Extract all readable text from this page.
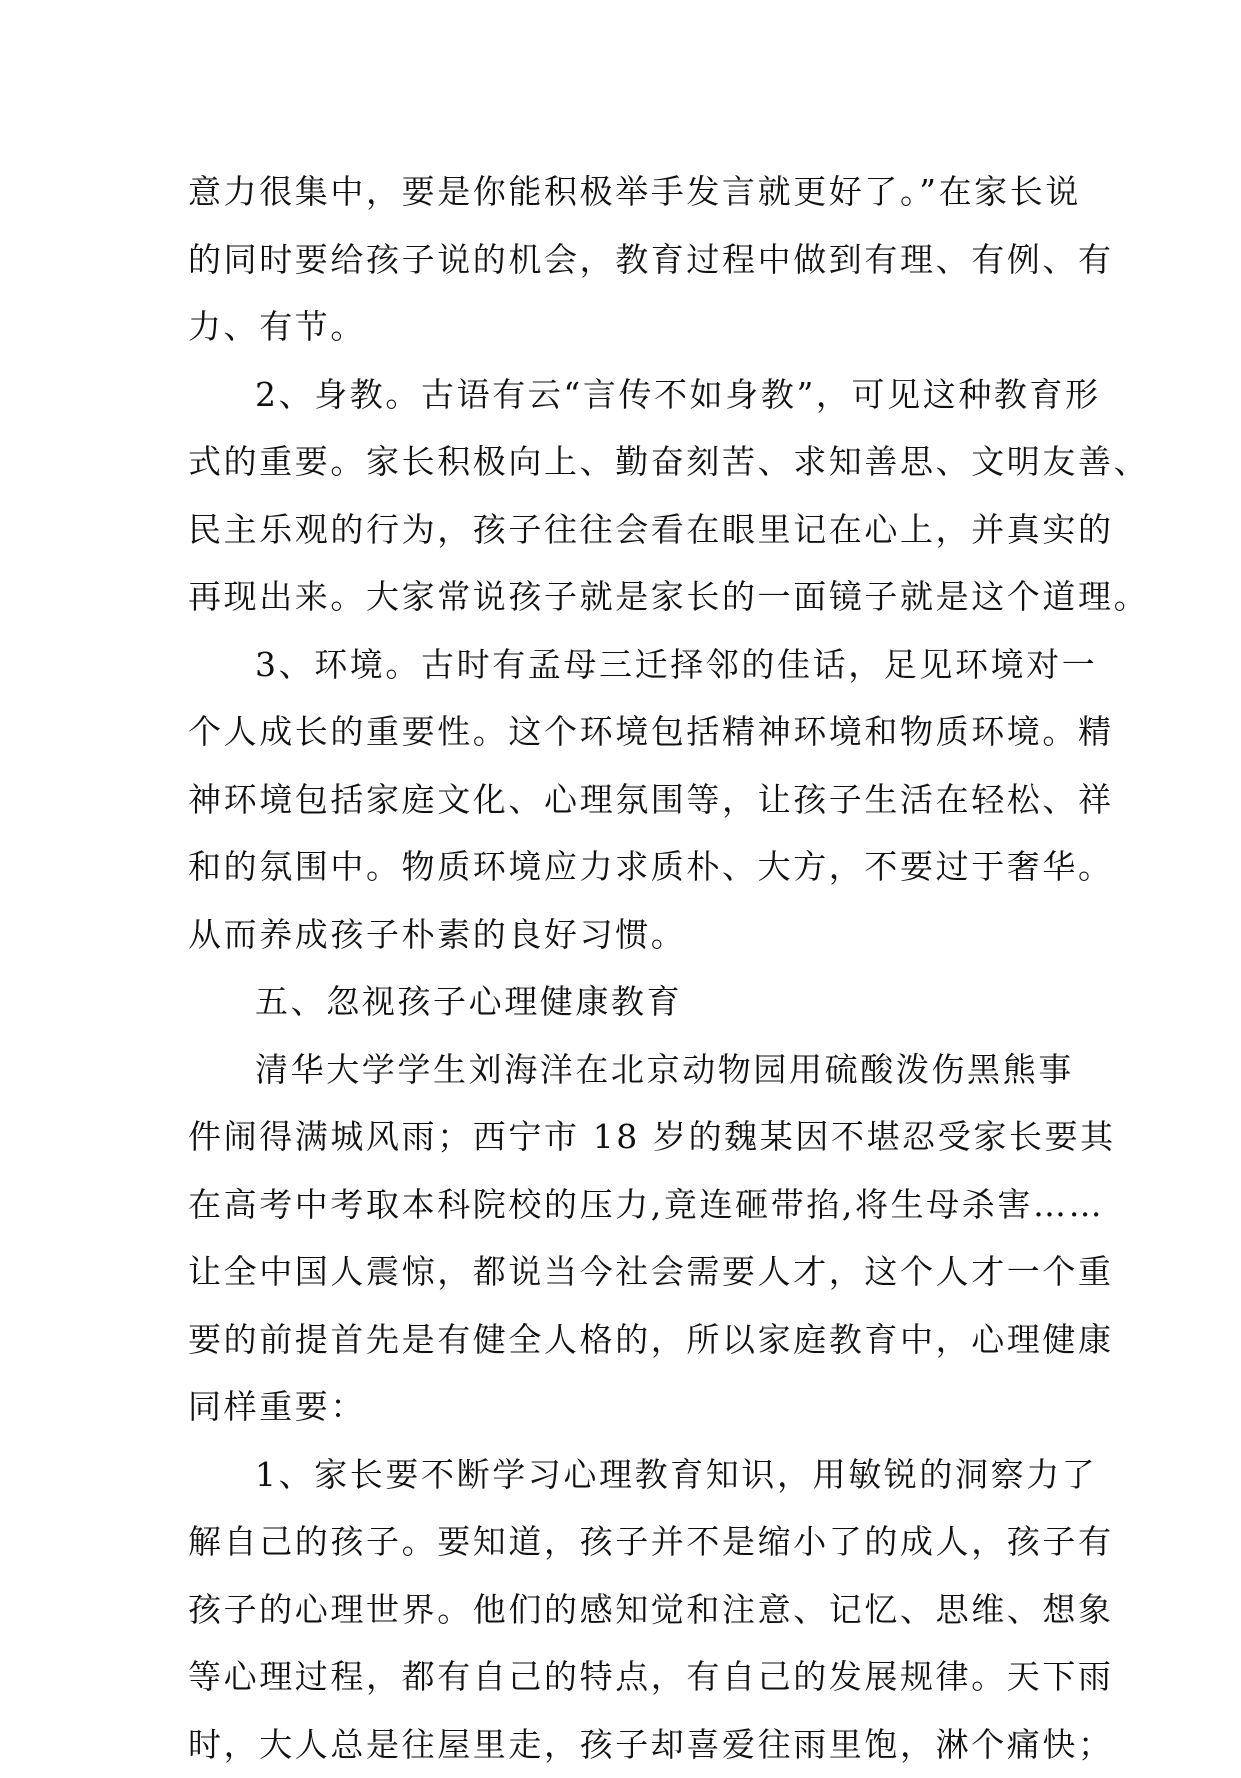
意力很集中，要是你能积极举手发言就更好了。”在家长说
的同时要给孩子说的机会，教育过程中做到有理、有例、有
力、有节。
2、身教。古语有云“言传不如身教”，可见这种教育形
式的重要。家长积极向上、勤奋刻苦、求知善思、文明友善、
民主乐观的行为，孩子往往会看在眼里记在心上，并真实的
再现出来。大家常说孩子就是家长的一面镜子就是这个道理。
3、环境。古时有孟母三迁择邻的佳话，足见环境对一
个人成长的重要性。这个环境包括精神环境和物质环境。精
神环境包括家庭文化、心理氛围等，让孩子生活在轻松、祥
和的氛围中。物质环境应力求质朴、大方，不要过于奢华。
从而养成孩子朴素的良好习惯。
五、忽视孩子心理健康教育
清华大学学生刘海洋在北京动物园用硫酸泼伤黑熊事
件闹得满城风雨；西宁市 18 岁的魏某因不堪忍受家长要其
在高考中考取本科院校的压力,竟连砸带掐,将生母杀害……
让全中国人震惊，都说当今社会需要人才，这个人才一个重
要的前提首先是有健全人格的，所以家庭教育中，心理健康
同样重要：
1、家长要不断学习心理教育知识，用敏锐的洞察力了
解自己的孩子。要知道，孩子并不是缩小了的成人，孩子有
孩子的心理世界。他们的感知觉和注意、记忆、思维、想象
等心理过程，都有自己的特点，有自己的发展规律。天下雨
时，大人总是往屋里走，孩子却喜爱往雨里饱，淋个痛快；
